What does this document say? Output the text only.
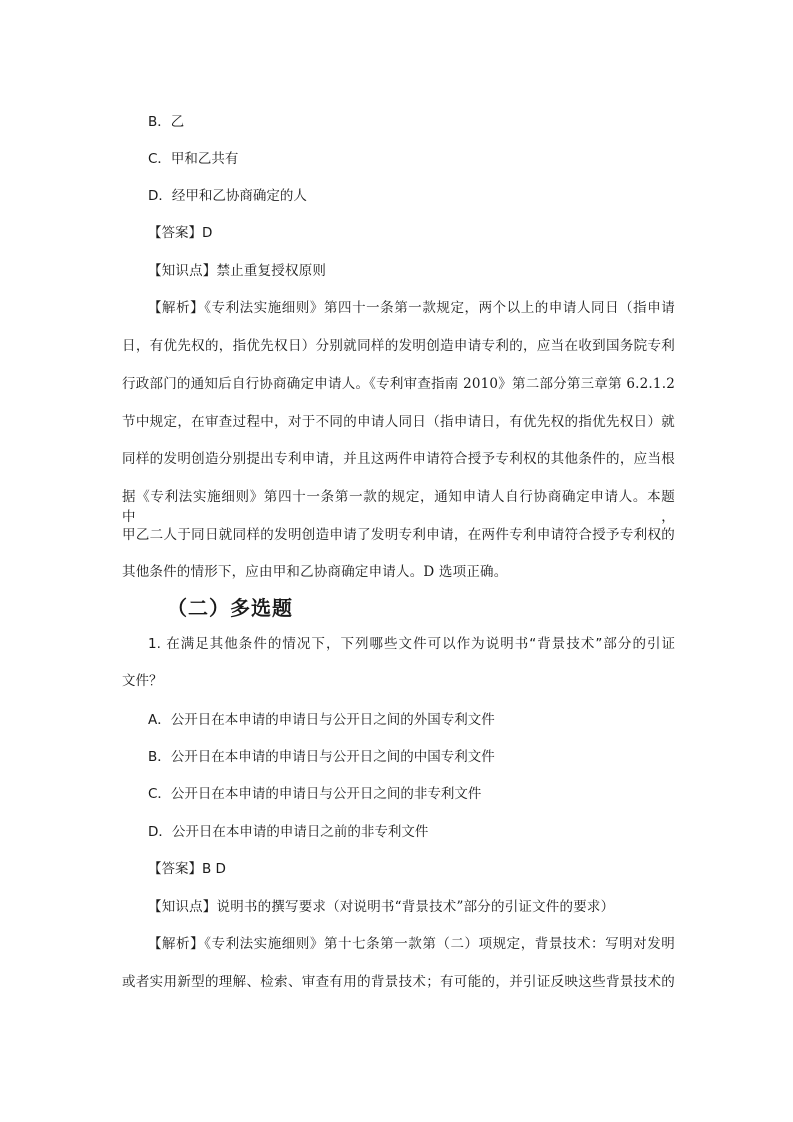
B．乙
C．甲和乙共有
D．经甲和乙协商确定的人
【答案】D
【知识点】禁止重复授权原则
【解析】《专利法实施细则》第四十一条第一款规定，两个以上的申请人同日（指申请
日，有优先权的，指优先权日）分别就同样的发明创造申请专利的，应当在收到国务院专利
行政部门的通知后自行协商确定申请人。《专利审查指南 2010》第二部分第三章第 6.2.1.2
节中规定，在审查过程中，对于不同的申请人同日（指申请日，有优先权的指优先权日）就
同样的发明创造分别提出专利申请，并且这两件申请符合授予专利权的其他条件的，应当根
据《专利法实施细则》第四十一条第一款的规定，通知申请人自行协商确定申请人。本题中，
甲乙二人于同日就同样的发明创造申请了发明专利申请，在两件专利申请符合授予专利权的
其他条件的情形下，应由甲和乙协商确定申请人。D 选项正确。
（二）多选题
1. 在满足其他条件的情况下，下列哪些文件可以作为说明书“背景技术”部分的引证
文件？
A．公开日在本申请的申请日与公开日之间的外国专利文件
B．公开日在本申请的申请日与公开日之间的中国专利文件
C．公开日在本申请的申请日与公开日之间的非专利文件
D．公开日在本申请的申请日之前的非专利文件
【答案】B D
【知识点】说明书的撰写要求（对说明书“背景技术”部分的引证文件的要求）
【解析】《专利法实施细则》第十七条第一款第（二）项规定，背景技术：写明对发明
或者实用新型的理解、检索、审查有用的背景技术；有可能的，并引证反映这些背景技术的
